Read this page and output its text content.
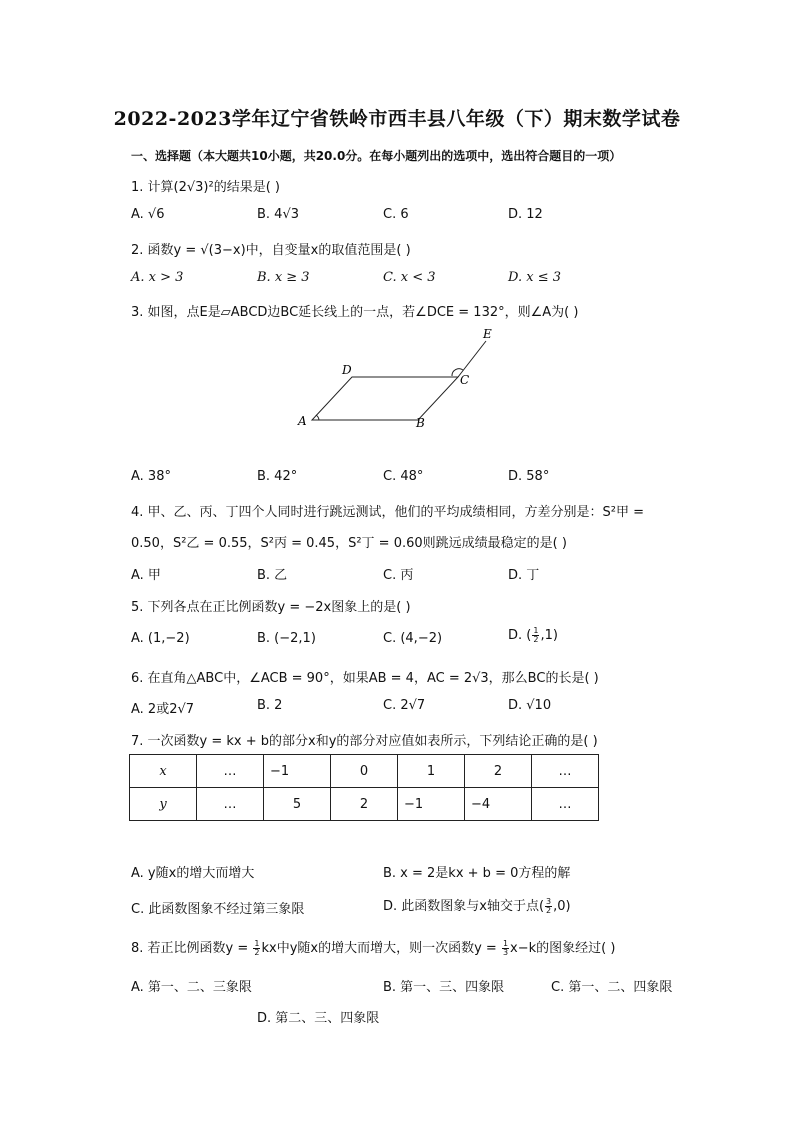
2022-2023学年辽宁省铁岭市西丰县八年级（下）期末数学试卷
一、选择题（本大题共10小题，共20.0分。在每小题列出的选项中，选出符合题目的一项）
1. 计算(2√3)²的结果是( )
A. √6	B. 4√3	C. 6	D. 12
2. 函数y = √(3−x)中，自变量x的取值范围是( )
A. x > 3	B. x ≥ 3	C. x < 3	D. x ≤ 3
3. 如图，点E是▱ABCD边BC延长线上的一点，若∠DCE = 132°，则∠A为( )
A	B
C
D
E
A. 38°	B. 42°	C. 48°	D. 58°
4. 甲、乙、丙、丁四个人同时进行跳远测试，他们的平均成绩相同，方差分别是：S²甲 =
0.50，S²乙 = 0.55，S²丙 = 0.45，S²丁 = 0.60则跳远成绩最稳定的是( )
A. 甲	B. 乙	C. 丙	D. 丁
5. 下列各点在正比例函数y = −2x图象上的是( )
A. (1,−2)	B. (−2,1)	C. (4,−2)	D. ( $\frac{1}{2} ,1$)
6. 在直角△ABC中，∠ACB = 90°，如果AB = 4，AC = 2√3，那么BC的长是( )
A. 2或2√7	B. 2	C. 2√7	D. √10
7. 一次函数y = kx + b的部分x和y的部分对应值如表所示，下列结论正确的是( )
x	…	−1	0	1	2	…
y	…	5	2	−1	−4	…
A. y随x的增大而增大	B. x = 2是kx + b = 0方程的解
C. 此函数图象不经过第三象限	D. 此函数图象与x轴交于点( $\frac{3}{2} ,0$)
8. 若正比例函数$y = \frac{1}{2}$ kx中y随x的增大而增大，则一次函数$y = \frac{1}{3} x-k$的图象经过( )
A. 第一、二、三象限	B. 第一、三、四象限	C. 第一、二、四象限
D. 第二、三、四象限
